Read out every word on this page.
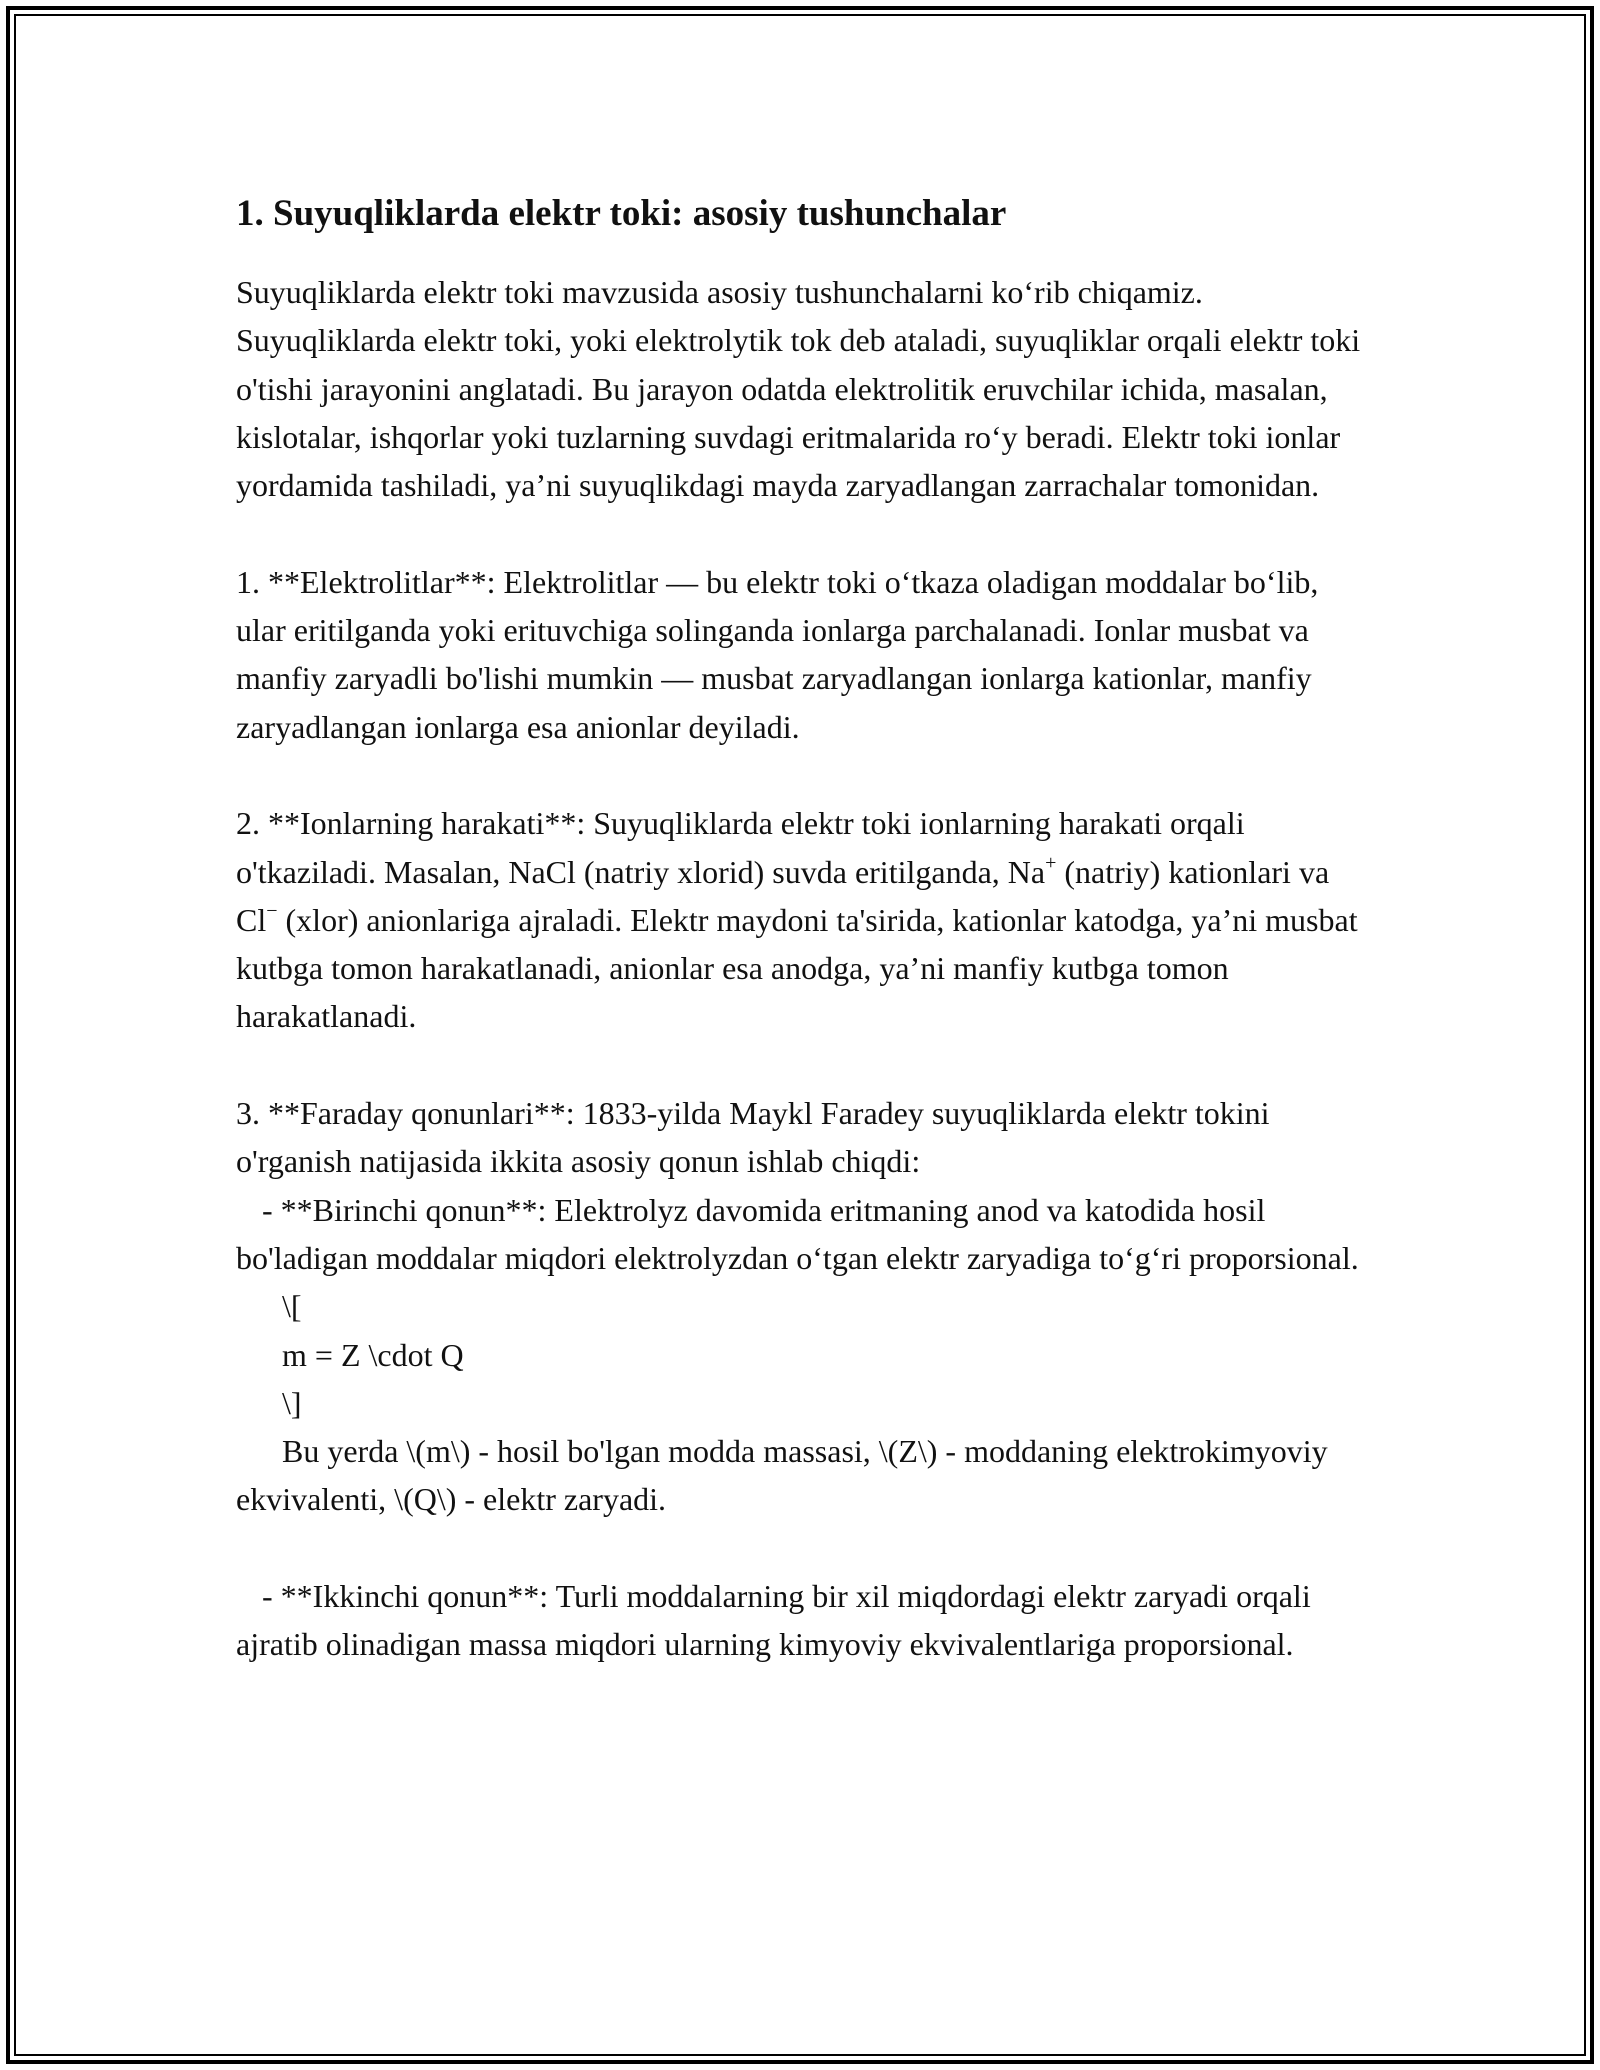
1. Suyuqliklarda elektr toki: asosiy tushunchalar

Suyuqliklarda elektr toki mavzusida asosiy tushunchalarni ko‘rib chiqamiz. Suyuqliklarda elektr toki, yoki elektrolytik tok deb ataladi, suyuqliklar orqali elektr toki o'tishi jarayonini anglatadi. Bu jarayon odatda elektrolitik eruvchilar ichida, masalan, kislotalar, ishqorlar yoki tuzlarning suvdagi eritmalarida ro‘y beradi. Elektr toki ionlar yordamida tashiladi, ya’ni suyuqlikdagi mayda zaryadlangan zarrachalar tomonidan.

1. **Elektrolitlar**: Elektrolitlar — bu elektr toki o‘tkaza oladigan moddalar bo‘lib, ular eritilganda yoki erituvchiga solinganda ionlarga parchalanadi. Ionlar musbat va manfiy zaryadli bo'lishi mumkin — musbat zaryadlangan ionlarga kationlar, manfiy zaryadlangan ionlarga esa anionlar deyiladi.

2. **Ionlarning harakati**: Suyuqliklarda elektr toki ionlarning harakati orqali o'tkaziladi. Masalan, NaCl (natriy xlorid) suvda eritilganda, Na+ (natriy) kationlari va Cl− (xlor) anionlariga ajraladi. Elektr maydoni ta'sirida, kationlar katodga, ya’ni musbat kutbga tomon harakatlanadi, anionlar esa anodga, ya’ni manfiy kutbga tomon harakatlanadi.

3. **Faraday qonunlari**: 1833-yilda Maykl Faradey suyuqliklarda elektr tokini o'rganish natijasida ikkita asosiy qonun ishlab chiqdi:

- **Birinchi qonun**: Elektrolyz davomida eritmaning anod va katodida hosil bo'ladigan moddalar miqdori elektrolyzdan o‘tgan elektr zaryadiga to‘g‘ri proporsional.

\[

m = Z \cdot Q

\]

Bu yerda \(m\) - hosil bo'lgan modda massasi, \(Z\) - moddaning elektrokimyoviy ekvivalenti, \(Q\) - elektr zaryadi.

- **Ikkinchi qonun**: Turli moddalarning bir xil miqdordagi elektr zaryadi orqali ajratib olinadigan massa miqdori ularning kimyoviy ekvivalentlariga proporsional.
